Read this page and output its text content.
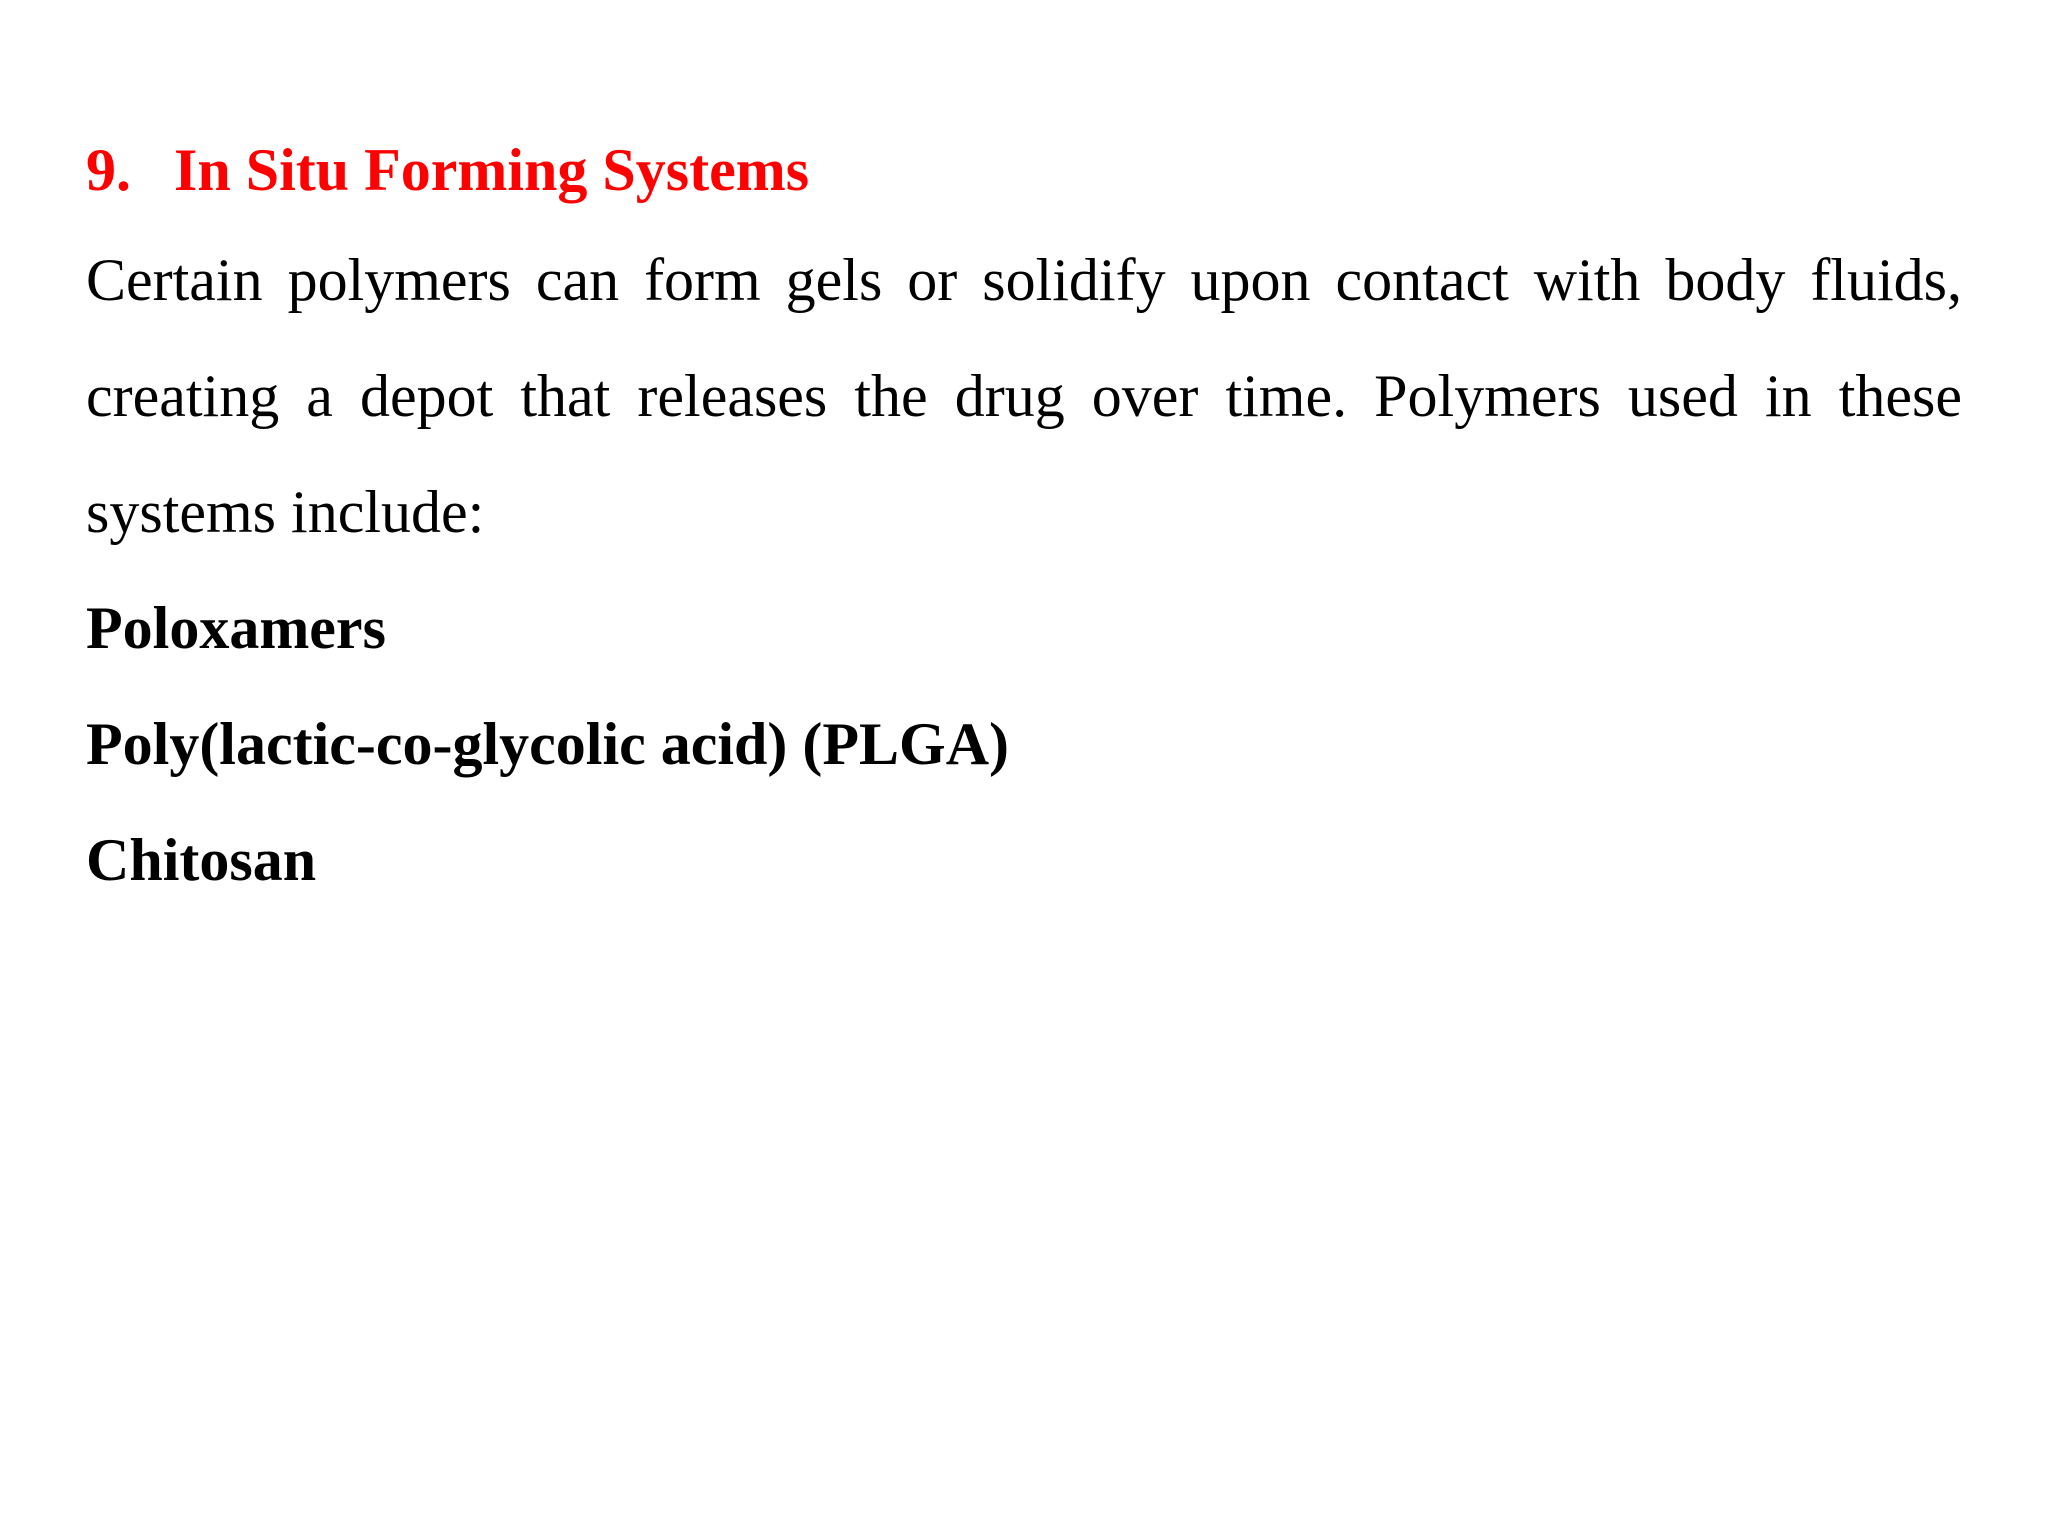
9. In Situ Forming Systems

Certain polymers can form gels or solidify upon contact with body fluids, creating a depot that releases the drug over time. Polymers used in these systems include:

Poloxamers
Poly(lactic-co-glycolic acid) (PLGA)
Chitosan
